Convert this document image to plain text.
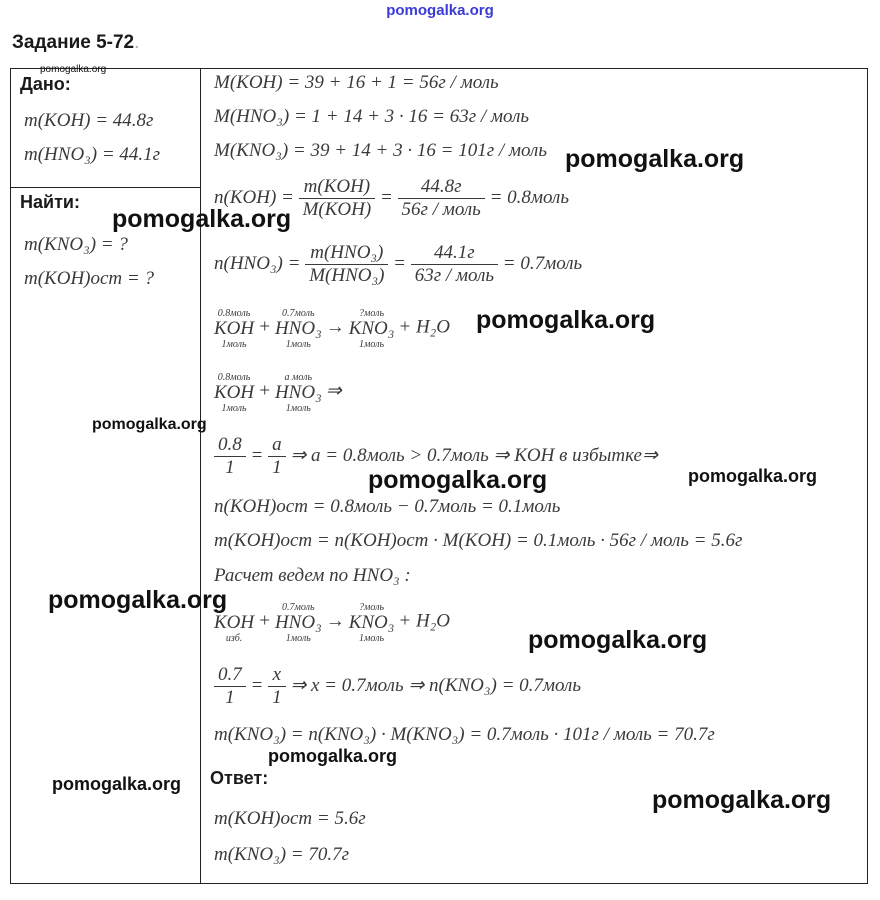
pomogalka.org
Задание 5-72.
Дано:
m(KOH) = 44.8г
m(HNO₃) = 44.1г
Найти:
m(KNO₃) = ?
m(KOH)ост = ?
M(KOH) = 39 + 16 + 1 = 56г / моль
M(HNO₃) = 1 + 14 + 3 · 16 = 63г / моль
M(KNO₃) = 39 + 14 + 3 · 16 = 101г / моль
$n(KOH) = \frac{\text{m(KOH)}}{\text{M(KOH)}} = \frac{44.8г}{\text{56г / моль}}$ = 0.8моль
$n(HNO_3) = \frac{\text{m(HNO₃)}}{\text{M(HNO₃)}} = \frac{44.1г}{\text{63г / моль}}$ = 0.7моль
0.8моль
KOH
1моль
+
0.7моль
HNO₃
1моль
→
?моль
KNO₃
1моль
+ H₂O
0.8моль
KOH
1моль
+
a моль
HNO₃
1моль
⇒
$\frac{0.8}{1} = \frac{a}{1}$ ⇒ a = 0.8моль > 0.7моль ⇒ KOH в избытке⇒
n(KOH)ост = 0.8моль − 0.7моль = 0.1моль
m(KOH)ост = n(KOH)ост · M(KOH) = 0.1моль · 56г / моль = 5.6г
Расчет ведем по HNO₃ :

KOH
изб.
+
0.7моль
HNO₃
1моль
→
?моль
KNO₃
1моль
+ H₂O
$\frac{0.7}{1} = \frac{x}{1}$ ⇒ x = 0.7моль ⇒ n(KNO₃) = 0.7моль
m(KNO₃) = n(KNO₃) · M(KNO₃) = 0.7моль · 101г / моль = 70.7г
Ответ:
m(KOH)ост = 5.6г
m(KNO₃) = 70.7г
pomogalka.org
pomogalka.org
pomogalka.org
pomogalka.org
pomogalka.org
pomogalka.org	pomogalka.org
pomogalka.org
pomogalka.org
pomogalka.org
pomogalka.org
pomogalka.org
